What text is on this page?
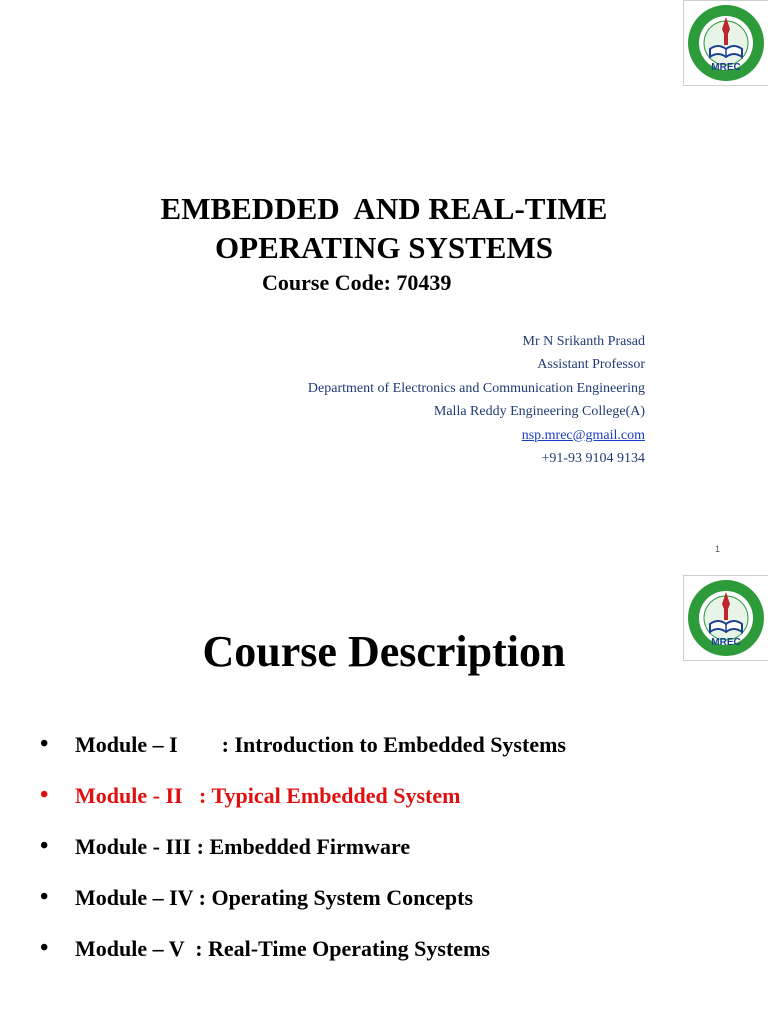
MREC
EMBEDDED  AND REAL-TIME
OPERATING SYSTEMS
Course Code: 70439
Mr N Srikanth Prasad
Assistant Professor
Department of Electronics and Communication Engineering
Malla Reddy Engineering College(A)
nsp.mrec@gmail.com
+91-93 9104 9134
1
MREC
Course Description
• Module – I        : Introduction to Embedded Systems
• Module - II   : Typical Embedded System
• Module - III : Embedded Firmware
• Module – IV : Operating System Concepts
• Module – V  : Real-Time Operating Systems
